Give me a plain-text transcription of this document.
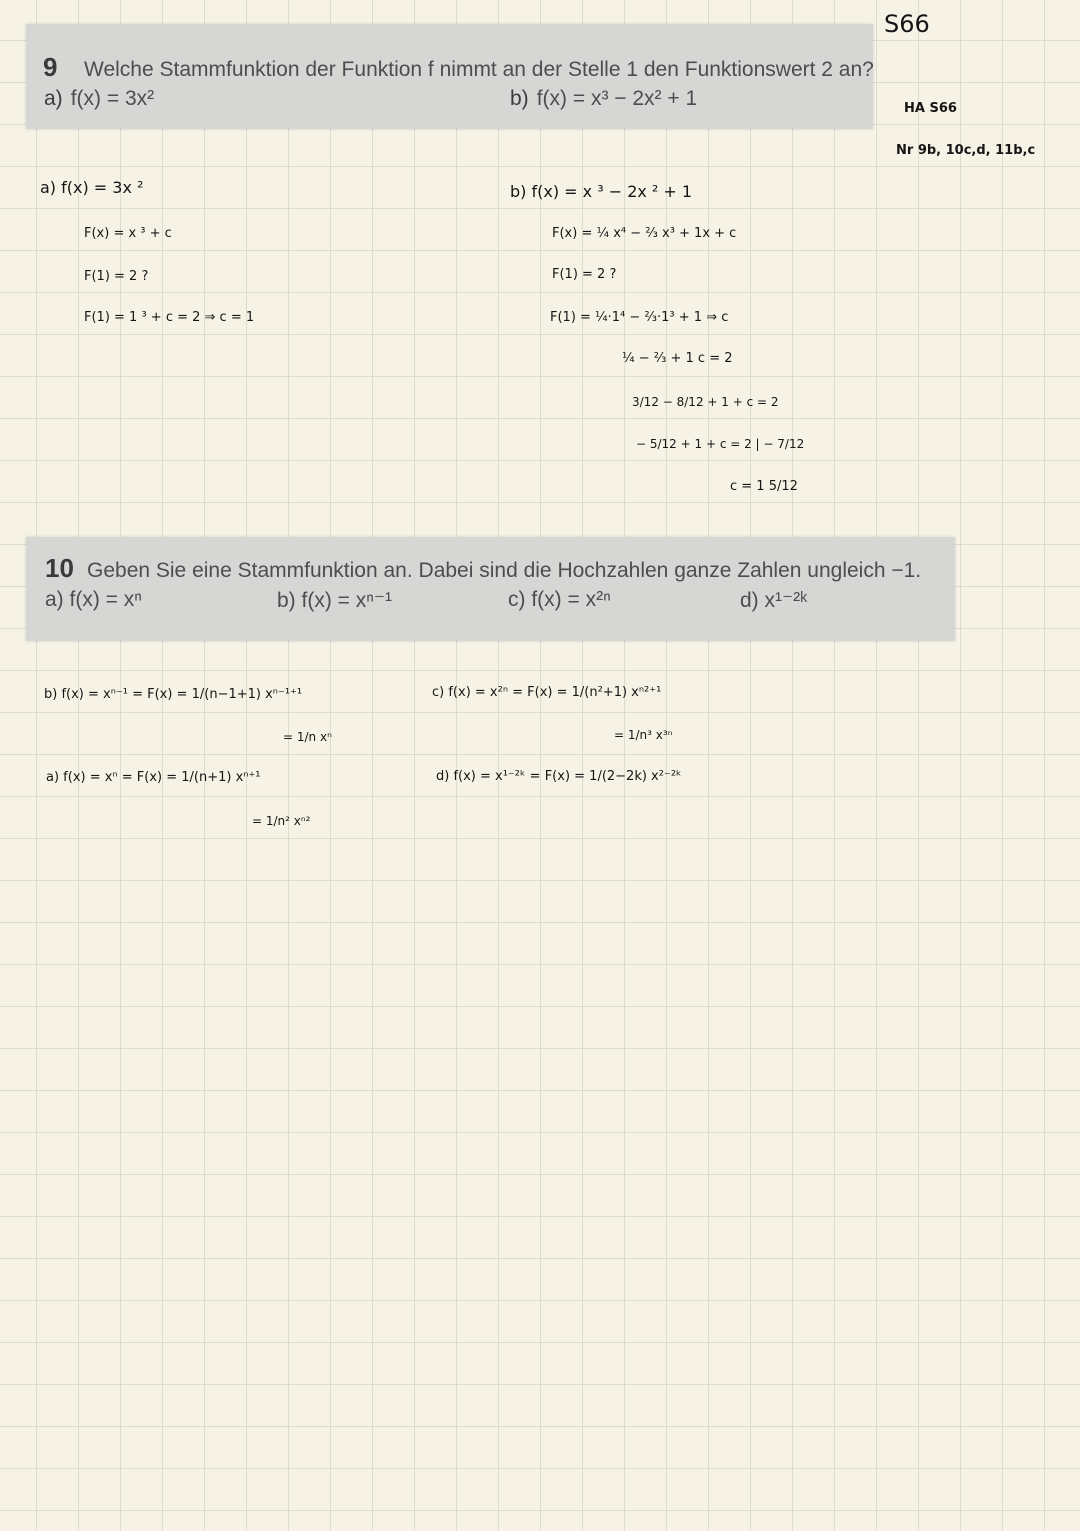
S66
HA S66
Nr 9b, 10c,d, 11b,c
9 Welche Stammfunktion der Funktion f nimmt an der Stelle 1 den Funktionswert 2 an?
a) f(x) = 3x²	b) f(x) = x³ − 2x² + 1
a) f(x) = 3x ²
F(x) = x ³ + c
F(1) = 2 ?
F(1) = 1 ³ + c = 2 ⇒ c = 1
b) f(x) = x ³ − 2x ² + 1
F(x) = ¼ x⁴ − ⅔ x³ + 1x + c
F(1) = 2 ?
F(1) = ¼·1⁴ − ⅔·1³ + 1 ⇒ c
¼ − ⅔ + 1 c = 2
3/12 − 8/12 + 1 + c = 2
− 5/12 + 1 + c = 2 | − 7/12
c = 1 5/12
10 Geben Sie eine Stammfunktion an. Dabei sind die Hochzahlen ganze Zahlen ungleich −1.
a) f(x) = xⁿ	b) f(x) = xⁿ⁻¹	c) f(x) = x²ⁿ	d) x¹⁻²ᵏ
b) f(x) = xⁿ⁻¹ = F(x) = 1/(n−1+1) xⁿ⁻¹⁺¹
= 1/n xⁿ
a) f(x) = xⁿ = F(x) = 1/(n+1) xⁿ⁺¹
= 1/n² xⁿ²
c) f(x) = x²ⁿ = F(x) = 1/(n²+1) xⁿ²⁺¹
= 1/n³ x³ⁿ
d) f(x) = x¹⁻²ᵏ = F(x) = 1/(2−2k) x²⁻²ᵏ
